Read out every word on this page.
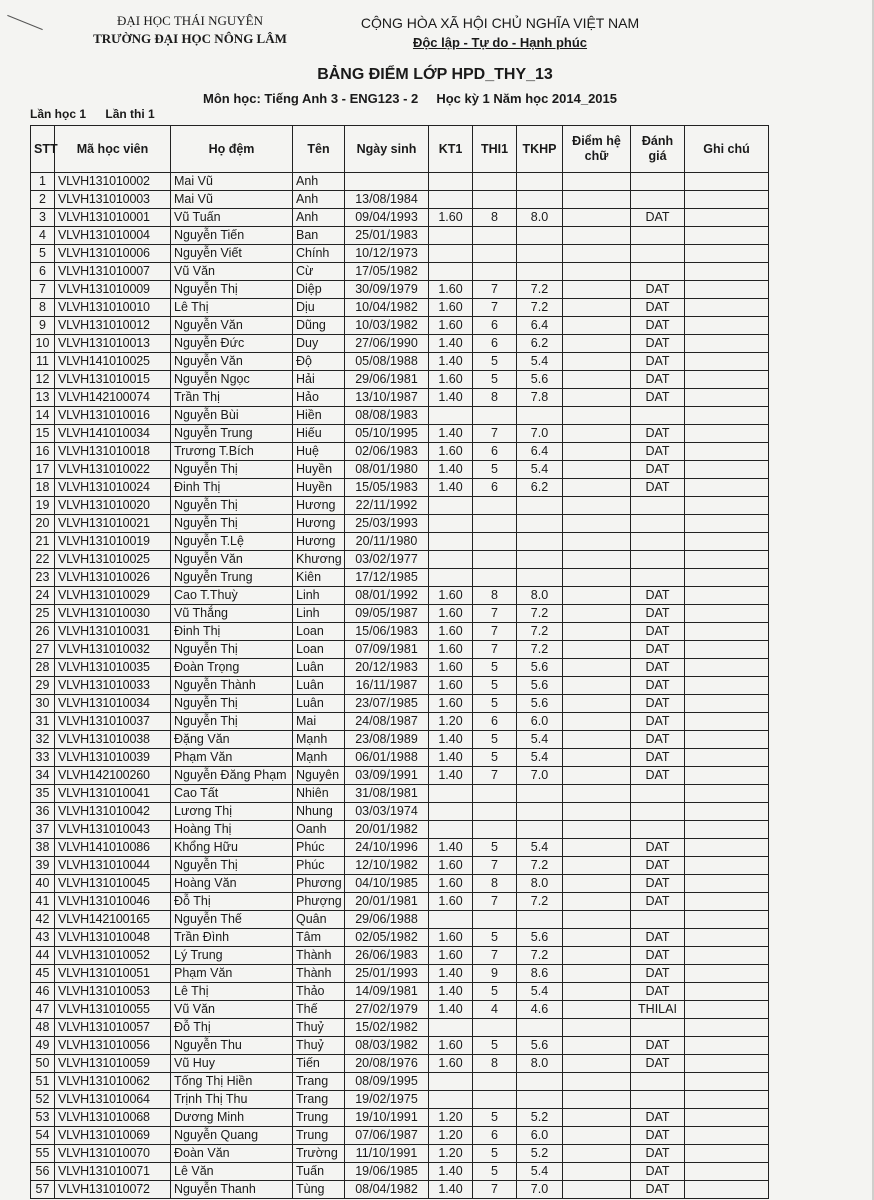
ĐẠI HỌC THÁI NGUYÊN
TRƯỜNG ĐẠI HỌC NÔNG LÂM
CỘNG HÒA XÃ HỘI CHỦ NGHĨA VIỆT NAM
Độc lập - Tự do - Hạnh phúc
BẢNG ĐIỂM LỚP HPD_THY_13
Môn học: Tiếng Anh 3 - ENG123 - 2     Học kỳ 1 Năm học 2014_2015
Lần học 1 Lần thi 1
STT	Mã học viên	Họ đệm	Tên	Ngày sinh	KT1	THI1	TKHP	Điểm hệ chữ	Đánh giá	Ghi chú
1	VLVH131010002	Mai Vũ	Anh							
2	VLVH131010003	Mai Vũ	Anh	13/08/1984						
3	VLVH131010001	Vũ Tuấn	Anh	09/04/1993	1.60	8	8.0		DAT	
4	VLVH131010004	Nguyễn Tiến	Ban	25/01/1983						
5	VLVH131010006	Nguyễn Viết	Chính	10/12/1973						
6	VLVH131010007	Vũ Văn	Cừ	17/05/1982						
7	VLVH131010009	Nguyễn Thị	Diệp	30/09/1979	1.60	7	7.2		DAT	
8	VLVH131010010	Lê Thị	Dịu	10/04/1982	1.60	7	7.2		DAT	
9	VLVH131010012	Nguyễn Văn	Dũng	10/03/1982	1.60	6	6.4		DAT	
10	VLVH131010013	Nguyễn Đức	Duy	27/06/1990	1.40	6	6.2		DAT	
11	VLVH141010025	Nguyễn Văn	Độ	05/08/1988	1.40	5	5.4		DAT	
12	VLVH131010015	Nguyễn Ngọc	Hải	29/06/1981	1.60	5	5.6		DAT	
13	VLVH142100074	Trần Thị	Hảo	13/10/1987	1.40	8	7.8		DAT	
14	VLVH131010016	Nguyễn Bùi	Hiền	08/08/1983						
15	VLVH141010034	Nguyễn Trung	Hiếu	05/10/1995	1.40	7	7.0		DAT	
16	VLVH131010018	Trương T.Bích	Huệ	02/06/1983	1.60	6	6.4		DAT	
17	VLVH131010022	Nguyễn Thị	Huyền	08/01/1980	1.40	5	5.4		DAT	
18	VLVH131010024	Đinh Thị	Huyền	15/05/1983	1.40	6	6.2		DAT	
19	VLVH131010020	Nguyễn Thị	Hương	22/11/1992						
20	VLVH131010021	Nguyễn Thị	Hương	25/03/1993						
21	VLVH131010019	Nguyễn T.Lệ	Hương	20/11/1980						
22	VLVH131010025	Nguyễn Văn	Khương	03/02/1977						
23	VLVH131010026	Nguyễn Trung	Kiên	17/12/1985						
24	VLVH131010029	Cao T.Thuỳ	Linh	08/01/1992	1.60	8	8.0		DAT	
25	VLVH131010030	Vũ Thắng	Linh	09/05/1987	1.60	7	7.2		DAT	
26	VLVH131010031	Đinh Thị	Loan	15/06/1983	1.60	7	7.2		DAT	
27	VLVH131010032	Nguyễn Thị	Loan	07/09/1981	1.60	7	7.2		DAT	
28	VLVH131010035	Đoàn Trọng	Luân	20/12/1983	1.60	5	5.6		DAT	
29	VLVH131010033	Nguyễn Thành	Luân	16/11/1987	1.60	5	5.6		DAT	
30	VLVH131010034	Nguyễn Thị	Luân	23/07/1985	1.60	5	5.6		DAT	
31	VLVH131010037	Nguyễn Thị	Mai	24/08/1987	1.20	6	6.0		DAT	
32	VLVH131010038	Đặng Văn	Mạnh	23/08/1989	1.40	5	5.4		DAT	
33	VLVH131010039	Phạm Văn	Mạnh	06/01/1988	1.40	5	5.4		DAT	
34	VLVH142100260	Nguyễn Đăng Phạm	Nguyên	03/09/1991	1.40	7	7.0		DAT	
35	VLVH131010041	Cao Tất	Nhiên	31/08/1981						
36	VLVH131010042	Lương Thị	Nhung	03/03/1974						
37	VLVH131010043	Hoàng Thị	Oanh	20/01/1982						
38	VLVH141010086	Khổng Hữu	Phúc	24/10/1996	1.40	5	5.4		DAT	
39	VLVH131010044	Nguyễn Thị	Phúc	12/10/1982	1.60	7	7.2		DAT	
40	VLVH131010045	Hoàng Văn	Phương	04/10/1985	1.60	8	8.0		DAT	
41	VLVH131010046	Đỗ Thị	Phượng	20/01/1981	1.60	7	7.2		DAT	
42	VLVH142100165	Nguyễn Thế	Quân	29/06/1988						
43	VLVH131010048	Trần Đình	Tâm	02/05/1982	1.60	5	5.6		DAT	
44	VLVH131010052	Lý Trung	Thành	26/06/1983	1.60	7	7.2		DAT	
45	VLVH131010051	Phạm Văn	Thành	25/01/1993	1.40	9	8.6		DAT	
46	VLVH131010053	Lê Thị	Thảo	14/09/1981	1.40	5	5.4		DAT	
47	VLVH131010055	Vũ Văn	Thế	27/02/1979	1.40	4	4.6		THILAI	
48	VLVH131010057	Đỗ Thị	Thuỷ	15/02/1982						
49	VLVH131010056	Nguyễn Thu	Thuỷ	08/03/1982	1.60	5	5.6		DAT	
50	VLVH131010059	Vũ Huy	Tiến	20/08/1976	1.60	8	8.0		DAT	
51	VLVH131010062	Tống Thị Hiền	Trang	08/09/1995						
52	VLVH131010064	Trịnh Thị Thu	Trang	19/02/1975						
53	VLVH131010068	Dương Minh	Trung	19/10/1991	1.20	5	5.2		DAT	
54	VLVH131010069	Nguyễn Quang	Trung	07/06/1987	1.20	6	6.0		DAT	
55	VLVH131010070	Đoàn Văn	Trường	11/10/1991	1.20	5	5.2		DAT	
56	VLVH131010071	Lê Văn	Tuấn	19/06/1985	1.40	5	5.4		DAT	
57	VLVH131010072	Nguyễn Thanh	Tùng	08/04/1982	1.40	7	7.0		DAT	
